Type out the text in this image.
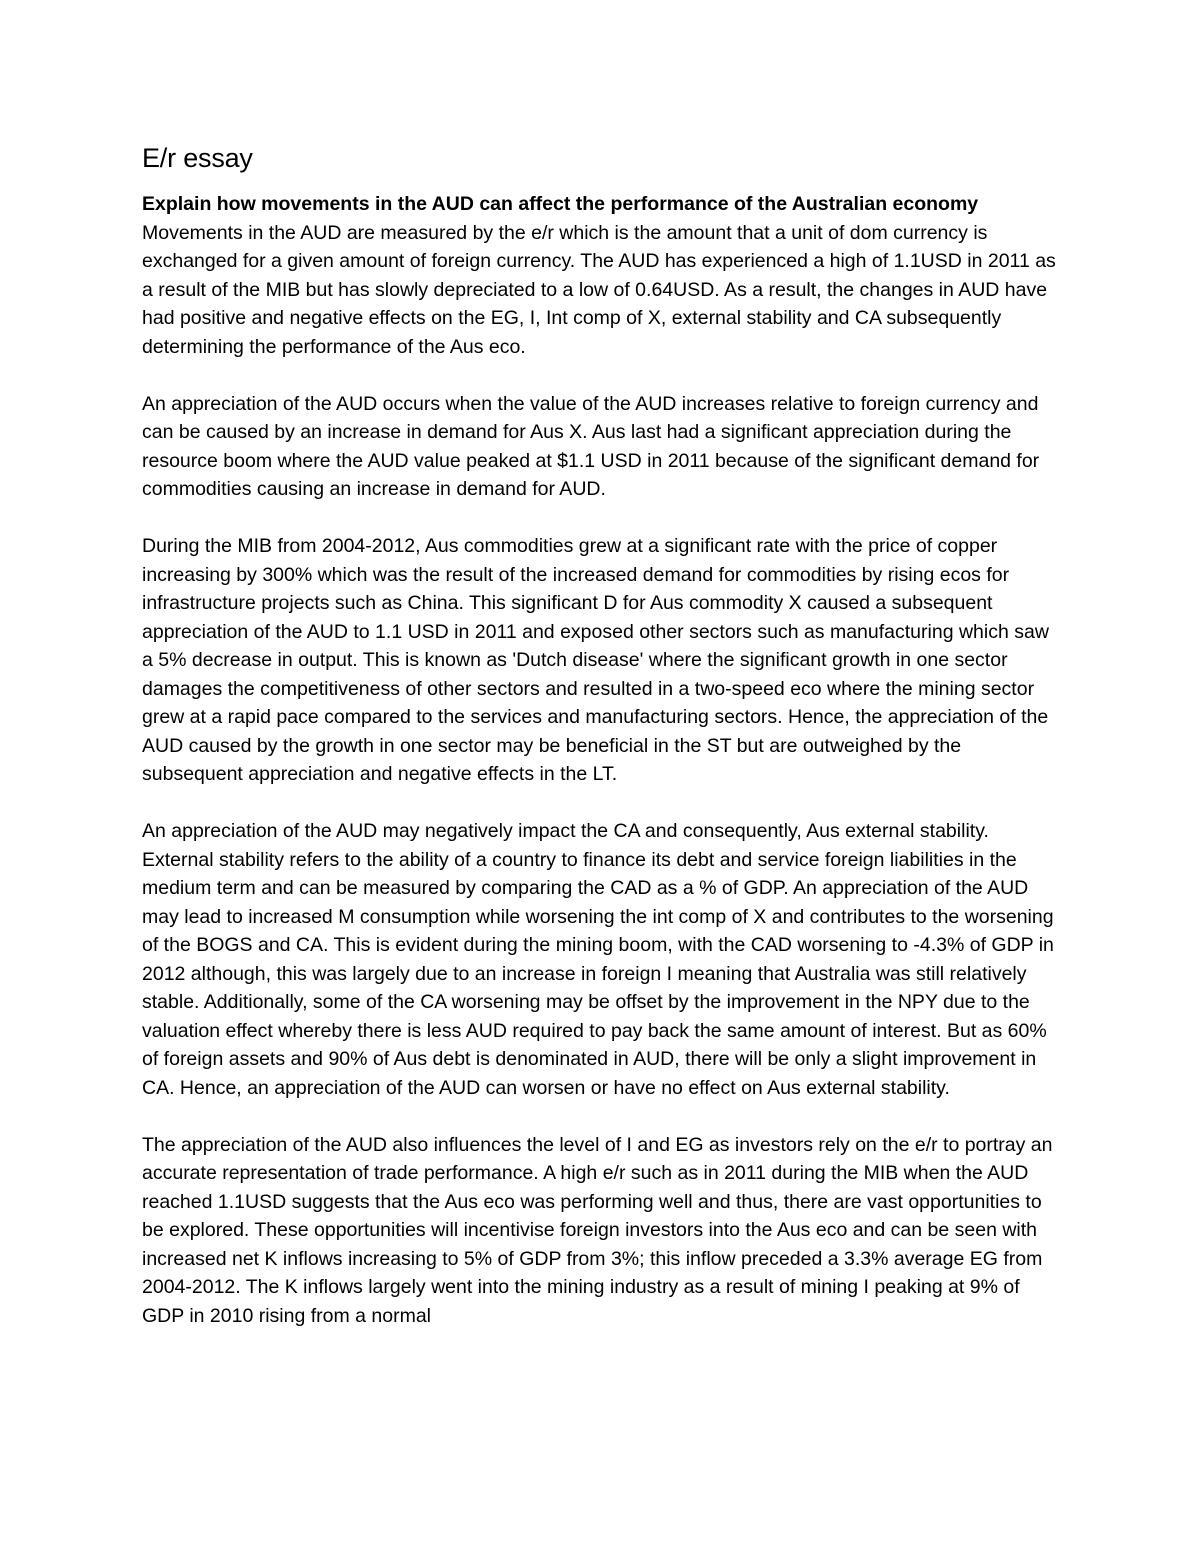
E/r essay

Explain how movements in the AUD can affect the performance of the Australian economy

Movements in the AUD are measured by the e/r which is the amount that a unit of dom currency is exchanged for a given amount of foreign currency. The AUD has experienced a high of 1.1USD in 2011 as a result of the MIB but has slowly depreciated to a low of 0.64USD. As a result, the changes in AUD have had positive and negative effects on the EG, I, Int comp of X, external stability and CA subsequently determining the performance of the Aus eco.

An appreciation of the AUD occurs when the value of the AUD increases relative to foreign currency and can be caused by an increase in demand for Aus X. Aus last had a significant appreciation during the resource boom where the AUD value peaked at $1.1 USD in 2011 because of the significant demand for commodities causing an increase in demand for AUD.

During the MIB from 2004-2012, Aus commodities grew at a significant rate with the price of copper increasing by 300% which was the result of the increased demand for commodities by rising ecos for infrastructure projects such as China. This significant D for Aus commodity X caused a subsequent appreciation of the AUD to 1.1 USD in 2011 and exposed other sectors such as manufacturing which saw a 5% decrease in output. This is known as 'Dutch disease' where the significant growth in one sector damages the competitiveness of other sectors and resulted in a two-speed eco where the mining sector grew at a rapid pace compared to the services and manufacturing sectors. Hence, the appreciation of the AUD caused by the growth in one sector may be beneficial in the ST but are outweighed by the subsequent appreciation and negative effects in the LT.

An appreciation of the AUD may negatively impact the CA and consequently, Aus external stability. External stability refers to the ability of a country to finance its debt and service foreign liabilities in the medium term and can be measured by comparing the CAD as a % of GDP. An appreciation of the AUD may lead to increased M consumption while worsening the int comp of X and contributes to the worsening of the BOGS and CA. This is evident during the mining boom, with the CAD worsening to -4.3% of GDP in 2012 although, this was largely due to an increase in foreign I meaning that Australia was still relatively stable. Additionally, some of the CA worsening may be offset by the improvement in the NPY due to the valuation effect whereby there is less AUD required to pay back the same amount of interest. But as 60% of foreign assets and 90% of Aus debt is denominated in AUD, there will be only a slight improvement in CA. Hence, an appreciation of the AUD can worsen or have no effect on Aus external stability.

The appreciation of the AUD also influences the level of I and EG as investors rely on the e/r to portray an accurate representation of trade performance. A high e/r such as in 2011 during the MIB when the AUD reached 1.1USD suggests that the Aus eco was performing well and thus, there are vast opportunities to be explored. These opportunities will incentivise foreign investors into the Aus eco and can be seen with increased net K inflows increasing to 5% of GDP from 3%; this inflow preceded a 3.3% average EG from 2004-2012. The K inflows largely went into the mining industry as a result of mining I peaking at 9% of GDP in 2010 rising from a normal
